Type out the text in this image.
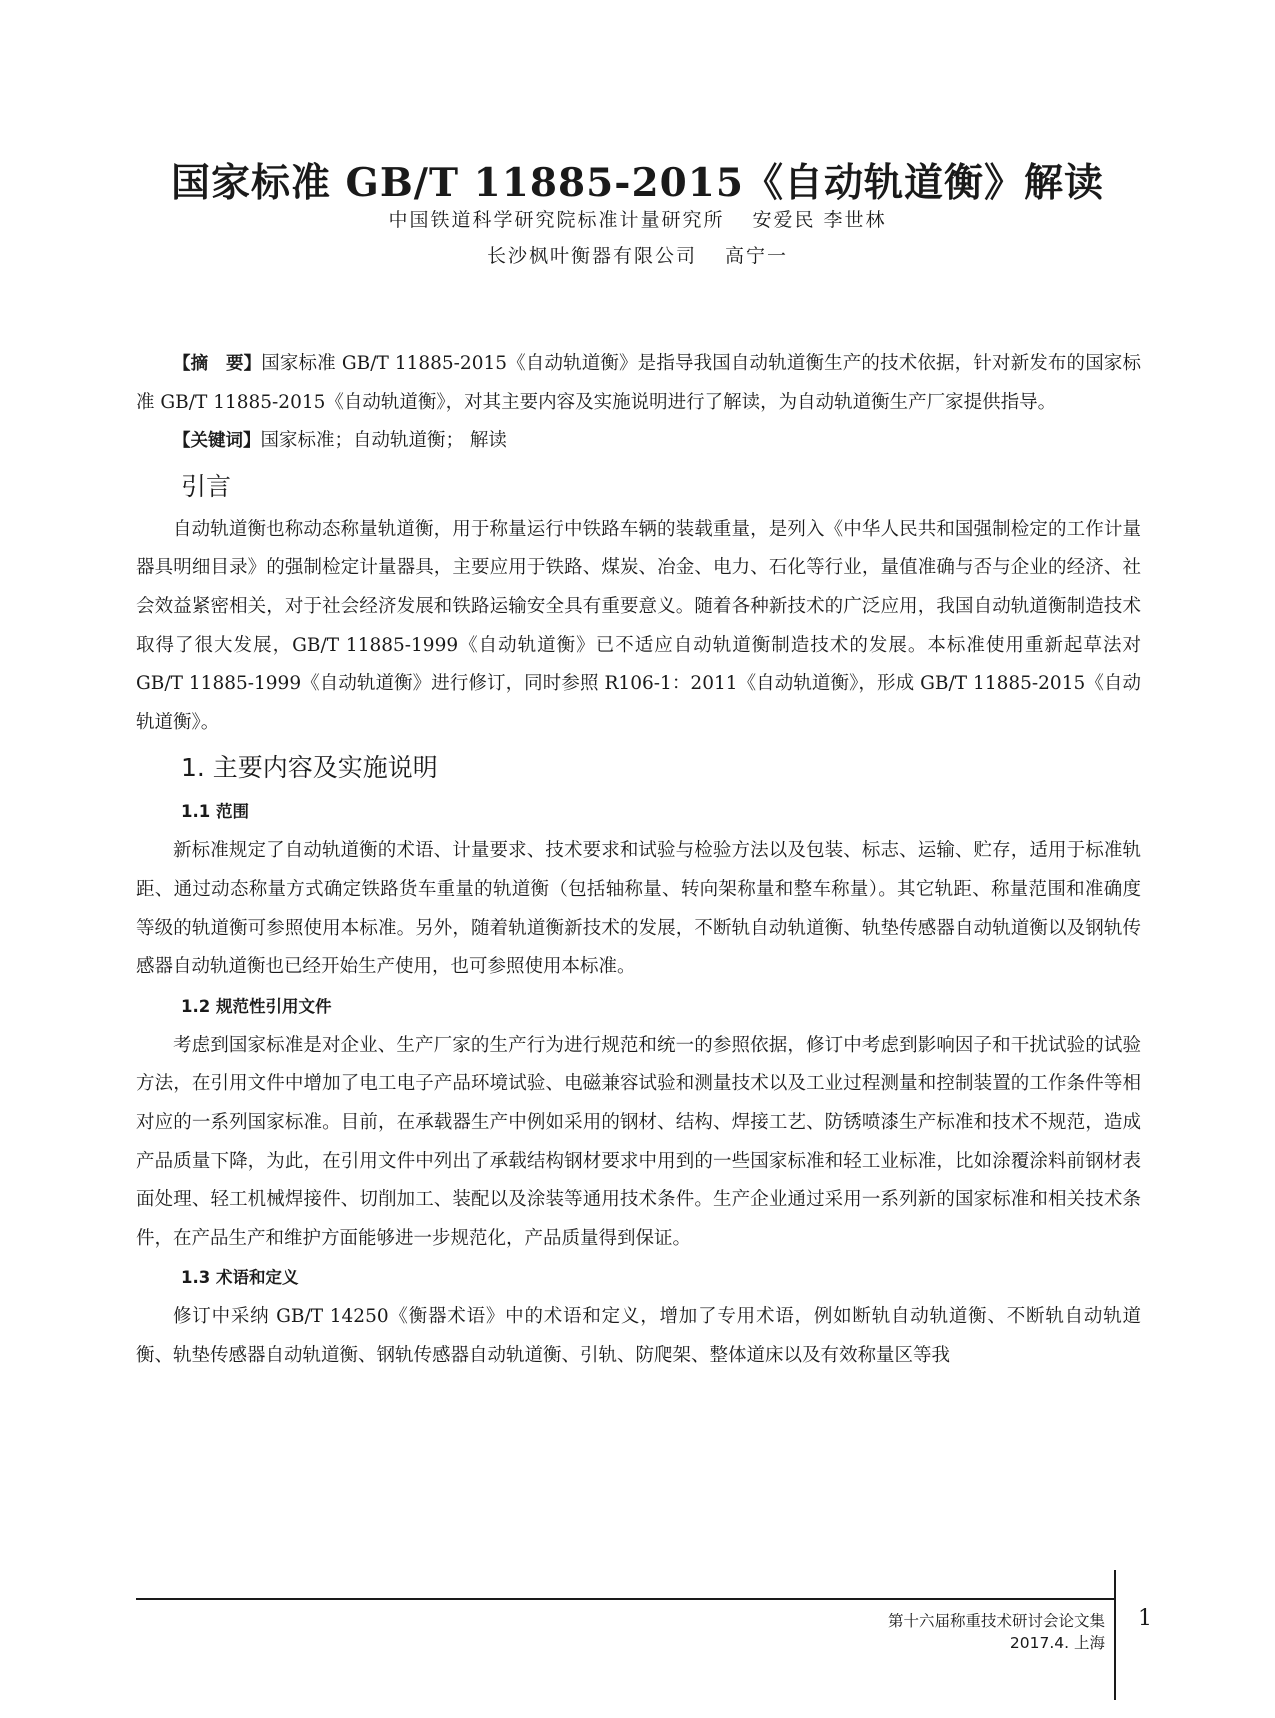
国家标准 GB/T 11885-2015《自动轨道衡》解读
中国铁道科学研究院标准计量研究所 安爱民 李世林
长沙枫叶衡器有限公司 高宁一

【摘　要】国家标准 GB/T 11885-2015《自动轨道衡》是指导我国自动轨道衡生产的技术依据，针对新发布的国家标准 GB/T 11885-2015《自动轨道衡》，对其主要内容及实施说明进行了解读，为自动轨道衡生产厂家提供指导。

【关键词】国家标准；自动轨道衡； 解读

引言

自动轨道衡也称动态称量轨道衡，用于称量运行中铁路车辆的装载重量，是列入《中华人民共和国强制检定的工作计量器具明细目录》的强制检定计量器具，主要应用于铁路、煤炭、冶金、电力、石化等行业，量值准确与否与企业的经济、社会效益紧密相关，对于社会经济发展和铁路运输安全具有重要意义。随着各种新技术的广泛应用，我国自动轨道衡制造技术取得了很大发展，GB/T 11885-1999《自动轨道衡》已不适应自动轨道衡制造技术的发展。本标准使用重新起草法对 GB/T 11885-1999《自动轨道衡》进行修订，同时参照 R106-1：2011《自动轨道衡》，形成 GB/T 11885-2015《自动轨道衡》。

1. 主要内容及实施说明
1.1 范围

新标准规定了自动轨道衡的术语、计量要求、技术要求和试验与检验方法以及包装、标志、运输、贮存，适用于标准轨距、通过动态称量方式确定铁路货车重量的轨道衡（包括轴称量、转向架称量和整车称量）。其它轨距、称量范围和准确度等级的轨道衡可参照使用本标准。另外，随着轨道衡新技术的发展，不断轨自动轨道衡、轨垫传感器自动轨道衡以及钢轨传感器自动轨道衡也已经开始生产使用，也可参照使用本标准。

1.2 规范性引用文件

考虑到国家标准是对企业、生产厂家的生产行为进行规范和统一的参照依据，修订中考虑到影响因子和干扰试验的试验方法，在引用文件中增加了电工电子产品环境试验、电磁兼容试验和测量技术以及工业过程测量和控制装置的工作条件等相对应的一系列国家标准。目前，在承载器生产中例如采用的钢材、结构、焊接工艺、防锈喷漆生产标准和技术不规范，造成产品质量下降，为此，在引用文件中列出了承载结构钢材要求中用到的一些国家标准和轻工业标准，比如涂覆涂料前钢材表面处理、轻工机械焊接件、切削加工、装配以及涂装等通用技术条件。生产企业通过采用一系列新的国家标准和相关技术条件，在产品生产和维护方面能够进一步规范化，产品质量得到保证。

1.3 术语和定义

修订中采纳 GB/T 14250《衡器术语》中的术语和定义，增加了专用术语，例如断轨自动轨道衡、不断轨自动轨道衡、轨垫传感器自动轨道衡、钢轨传感器自动轨道衡、引轨、防爬架、整体道床以及有效称量区等我

第十六届称重技术研讨会论文集
2017.4. 上海
1
